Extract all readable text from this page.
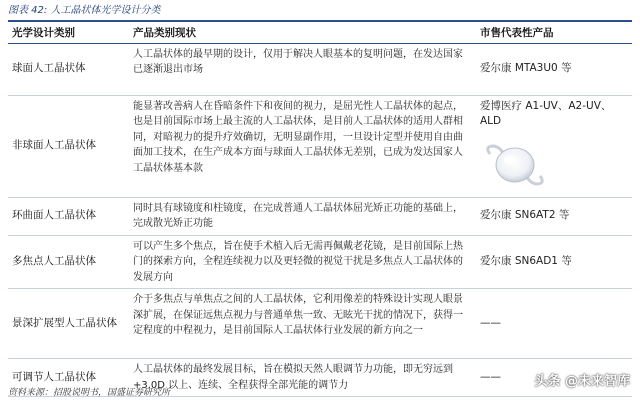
图表 42: 人工晶状体光学设计分类
光学设计类别	产品类别现状	市售代表性产品
球面人工晶状体	人工晶状体的最早期的设计，仅用于解决人眼基本的复明问题，在发达国家已逐渐退出市场	爱尔康 MTA3U0 等
非球面人工晶状体	能显著改善病人在昏暗条件下和夜间的视力，是屈光性人工晶状体的起点，也是目前国际市场上最主流的人工晶状体，是目前人工晶状体的适用人群相同，对暗视力的提升疗效确切，无明显副作用，一旦设计定型并使用自由曲面加工技术，在生产成本方面与球面人工晶状体无差别，已成为发达国家人工晶状体基本款	爱博医疗 A1-UV、A2-UV、ALD

环曲面人工晶状体	同时具有球镜度和柱镜度，在完成普通人工晶状体屈光矫正功能的基础上，完成散光矫正功能	爱尔康 SN6AT2 等
多焦点人工晶状体	可以产生多个焦点，旨在使手术植入后无需再佩戴老花镜，是目前国际上热门的探索方向，全程连续视力以及更轻微的视觉干扰是多焦点人工晶状体的发展方向	爱尔康 SN6AD1 等
景深扩展型人工晶状体	介于多焦点与单焦点之间的人工晶状体，它利用像差的特殊设计实现人眼景深扩展，在保证远焦点视力与普通单焦一致、无眩光干扰的情况下，获得一定程度的中程视力，是目前国际人工晶状体行业发展的新方向之一	——
可调节人工晶状体	人工晶状体的最终发展目标，旨在模拟天然人眼调节力功能，即无穷远到+3.0D 以上、连续、全程获得全部光能的调节力	——
资料来源：招股说明书，国盛证券研究所
头条 @未来智库
